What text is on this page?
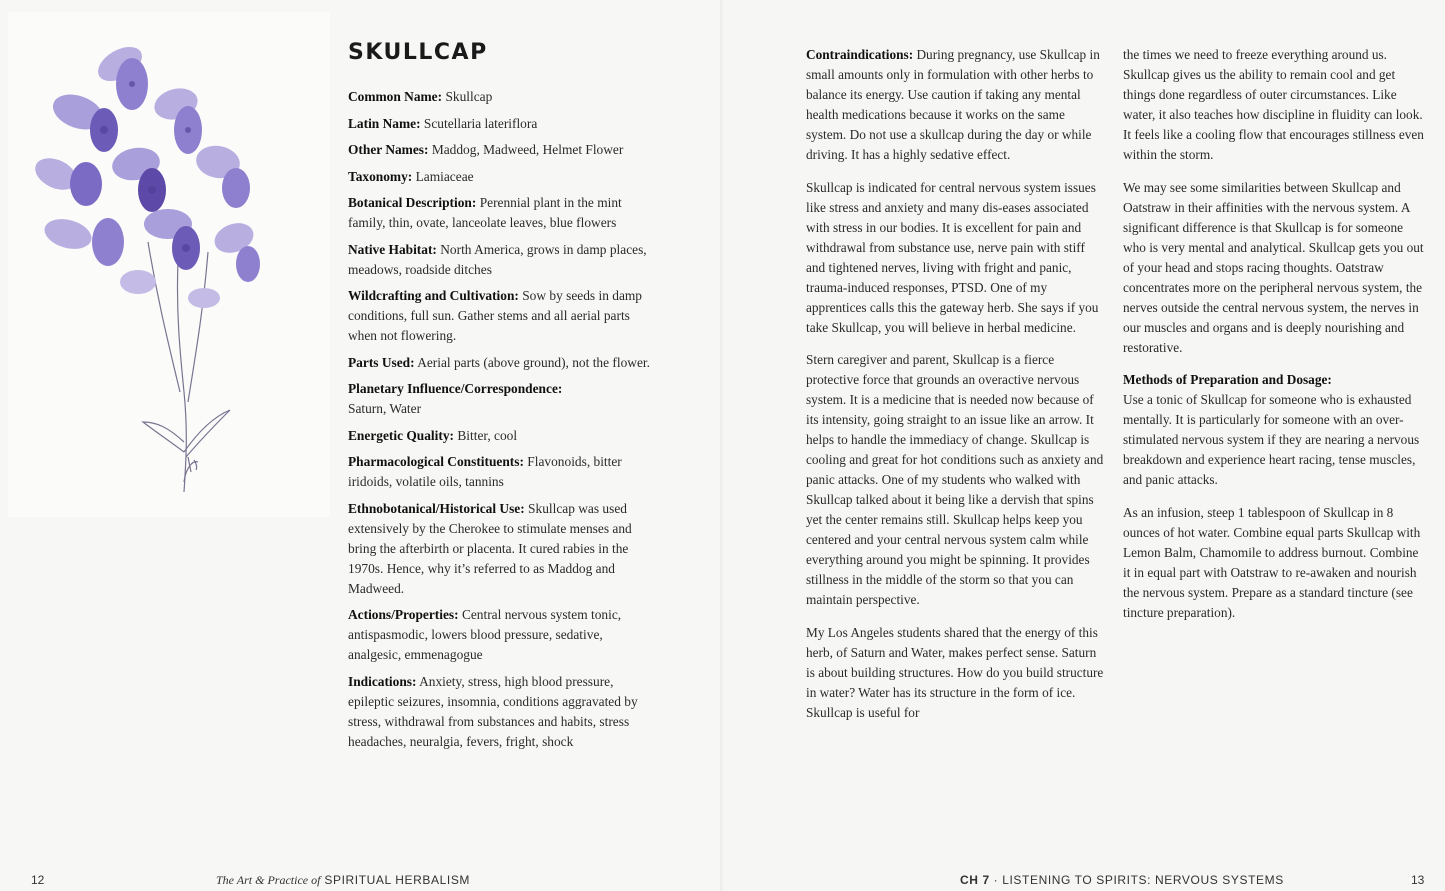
SKULLCAP

Common Name: Skullcap

Latin Name: Scutellaria lateriflora

Other Names: Maddog, Madweed, Helmet Flower

Taxonomy: Lamiaceae

Botanical Description: Perennial plant in the mint family, thin, ovate, lanceolate leaves, blue flowers

Native Habitat: North America, grows in damp places, meadows, roadside ditches

Wildcrafting and Cultivation: Sow by seeds in damp conditions, full sun. Gather stems and all aerial parts when not flowering.

Parts Used: Aerial parts (above ground), not the flower.

Planetary Influence/Correspondence:
Saturn, Water

Energetic Quality: Bitter, cool

Pharmacological Constituents: Flavonoids, bitter iridoids, volatile oils, tannins

Ethnobotanical/Historical Use: Skullcap was used extensively by the Cherokee to stimulate menses and bring the afterbirth or placenta. It cured rabies in the 1970s. Hence, why it’s referred to as Maddog and Madweed.

Actions/Properties: Central nervous system tonic, antispasmodic, lowers blood pressure, sedative, analgesic, emmenagogue

Indications: Anxiety, stress, high blood pressure, epileptic seizures, insomnia, conditions aggravated by stress, withdrawal from substances and habits, stress headaches, neuralgia, fevers, fright, shock

12	The Art & Practice of SPIRITUAL HERBALISM

Contraindications: During pregnancy, use Skullcap in small amounts only in formulation with other herbs to balance its energy. Use caution if taking any mental health medications because it works on the same system. Do not use a skullcap during the day or while driving. It has a highly sedative effect.

Skullcap is indicated for central nervous system issues like stress and anxiety and many dis-eases associated with stress in our bodies. It is excellent for pain and withdrawal from substance use, nerve pain with stiff and tightened nerves, living with fright and panic, trauma-induced responses, PTSD. One of my apprentices calls this the gateway herb. She says if you take Skullcap, you will believe in herbal medicine.

Stern caregiver and parent, Skullcap is a fierce protective force that grounds an overactive nervous system. It is a medicine that is needed now because of its intensity, going straight to an issue like an arrow. It helps to handle the immediacy of change. Skullcap is cooling and great for hot conditions such as anxiety and panic attacks. One of my students who walked with Skullcap talked about it being like a dervish that spins yet the center remains still. Skullcap helps keep you centered and your central nervous system calm while everything around you might be spinning. It provides stillness in the middle of the storm so that you can maintain perspective.

My Los Angeles students shared that the energy of this herb, of Saturn and Water, makes perfect sense. Saturn is about building structures. How do you build structure in water? Water has its structure in the form of ice. Skullcap is useful for

the times we need to freeze everything around us. Skullcap gives us the ability to remain cool and get things done regardless of outer circumstances. Like water, it also teaches how discipline in fluidity can look. It feels like a cooling flow that encourages stillness even within the storm.

We may see some similarities between Skullcap and Oatstraw in their affinities with the nervous system. A significant difference is that Skullcap is for someone who is very mental and analytical. Skullcap gets you out of your head and stops racing thoughts. Oatstraw concentrates more on the peripheral nervous system, the nerves outside the central nervous system, the nerves in our muscles and organs and is deeply nourishing and restorative.

Methods of Preparation and Dosage:
Use a tonic of Skullcap for someone who is exhausted mentally. It is particularly for someone with an over-stimulated nervous system if they are nearing a nervous breakdown and experience heart racing, tense muscles, and panic attacks.

As an infusion, steep 1 tablespoon of Skullcap in 8 ounces of hot water. Combine equal parts Skullcap with Lemon Balm, Chamomile to address burnout. Combine it in equal part with Oatstraw to re-awaken and nourish the nervous system. Prepare as a standard tincture (see tincture preparation).

CH 7 · LISTENING TO SPIRITS: NERVOUS SYSTEMS	13
